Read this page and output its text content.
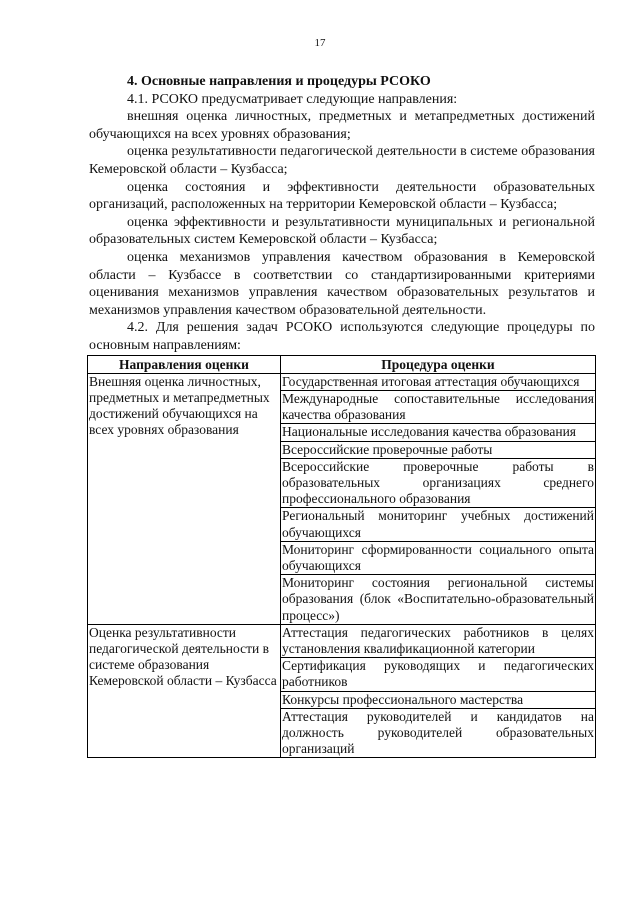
17

4. Основные направления и процедуры РСОКО

4.1. РСОКО предусматривает следующие направления:

внешняя оценка личностных, предметных и метапредметных достижений обучающихся на всех уровнях образования;

оценка результативности педагогической деятельности в системе образования Кемеровской области – Кузбасса;

оценка состояния и эффективности деятельности образовательных организаций, расположенных на территории Кемеровской области – Кузбасса;

оценка эффективности и результативности муниципальных и региональной образовательных систем Кемеровской области – Кузбасса;

оценка механизмов управления качеством образования в Кемеровской области – Кузбассе в соответствии со стандартизированными критериями оценивания механизмов управления качеством образовательных результатов и механизмов управления качеством образовательной деятельности.

4.2. Для решения задач РСОКО используются следующие процедуры по основным направлениям:

Направления оценки	Процедура оценки
Внешняя оценка личностных, предметных и метапредметных достижений обучающихся на всех уровнях образования	Государственная итоговая аттестация обучающихся
	Международные сопоставительные исследования качества образования
	Национальные исследования качества образования
	Всероссийские проверочные работы
	Всероссийские проверочные работы в образовательных организациях среднего профессионального образования
	Региональный мониторинг учебных достижений обучающихся
	Мониторинг сформированности социального опыта обучающихся
	Мониторинг состояния региональной системы образования (блок «Воспитательно-образовательный процесс»)
Оценка результативности педагогической деятельности в системе образования Кемеровской области – Кузбасса	Аттестация педагогических работников в целях установления квалификационной категории
	Сертификация руководящих и педагогических работников
	Конкурсы профессионального мастерства
	Аттестация руководителей и кандидатов на должность руководителей образовательных организаций
